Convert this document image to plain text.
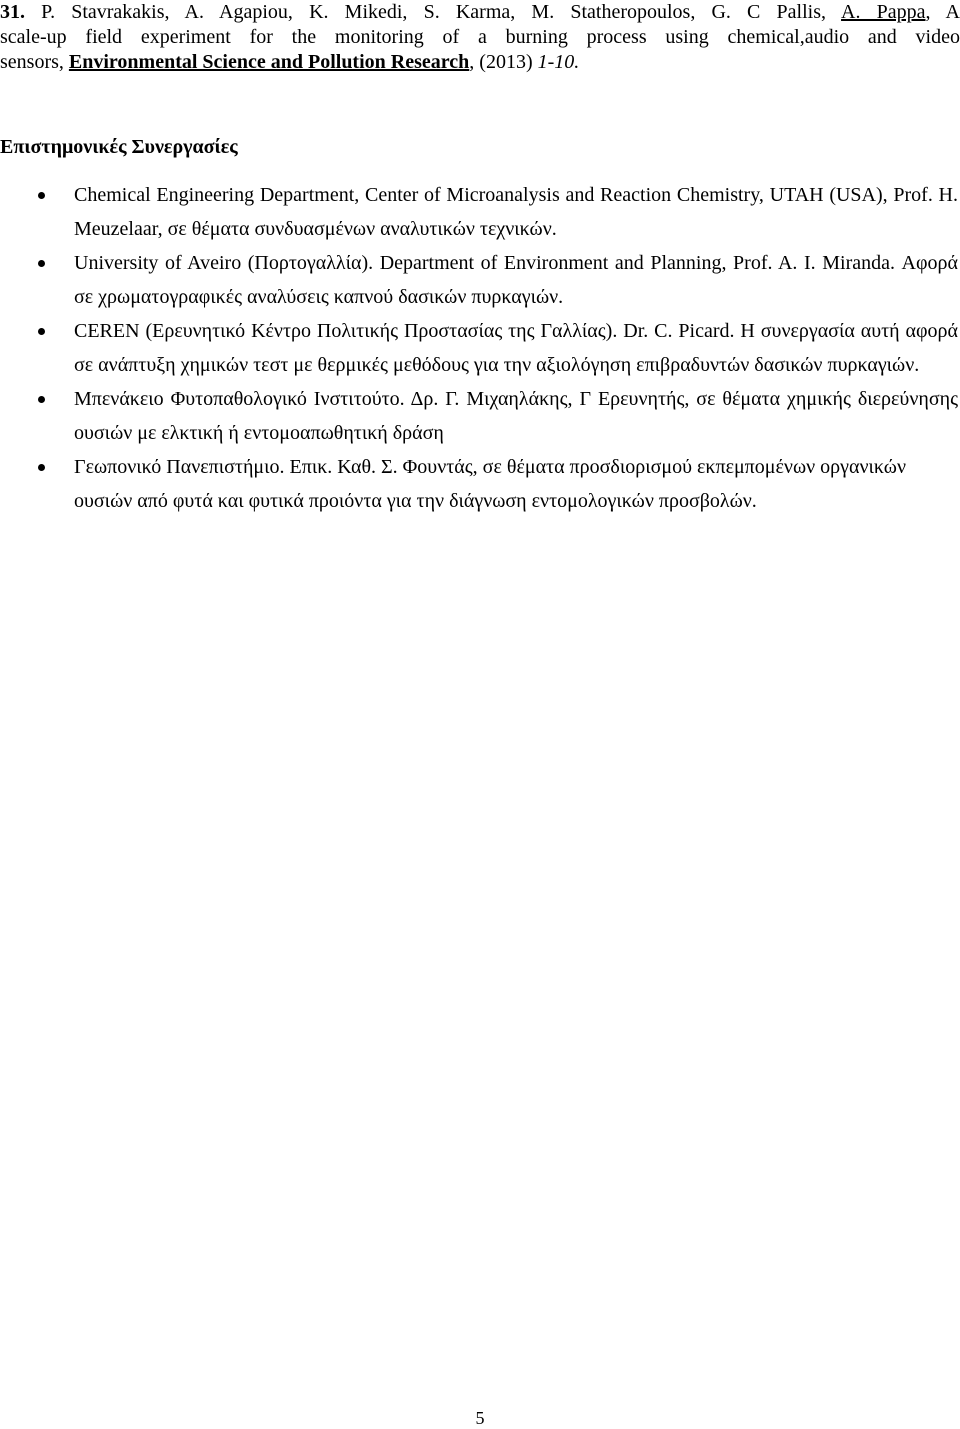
31. P. Stavrakakis, A. Agapiou, K. Mikedi, S. Karma, M. Statheropoulos, G. C Pallis, A. Pappa, A
scale-up field experiment for the monitoring of a burning process using chemical,audio and video
sensors, Environmental Science and Pollution Research, (2013) 1-10.
Επιστημονικές Συνεργασίες
Chemical Engineering Department, Center of Microanalysis and Reaction Chemistry, UTAH (USA), Prof. H. Meuzelaar, σε θέματα συνδυασμένων αναλυτικών τεχνικών.
University of Aveiro (Πορτογαλλία). Department of Environment and Planning, Prof. A. I. Miranda. Αφορά σε χρωματογραφικές αναλύσεις καπνού δασικών πυρκαγιών.
CEREN (Ερευνητικό Κέντρο Πολιτικής Προστασίας της Γαλλίας). Dr. C. Picard. Η συνεργασία αυτή αφορά σε ανάπτυξη χημικών τεστ με θερμικές μεθόδους για την αξιολόγηση επιβραδυντών δασικών πυρκαγιών.
Μπενάκειο Φυτοπαθολογικό Ινστιτούτο. Δρ. Γ. Μιχαηλάκης, Γ Ερευνητής, σε θέματα χημικής διερεύνησης ουσιών με ελκτική ή εντομοαπωθητική δράση
Γεωπονικό Πανεπιστήμιο. Επικ. Καθ. Σ. Φουντάς, σε θέματα προσδιορισμού εκπεμπομένων οργανικών ουσιών από φυτά και φυτικά προιόντα για την διάγνωση εντομολογικών προσβολών.
5
